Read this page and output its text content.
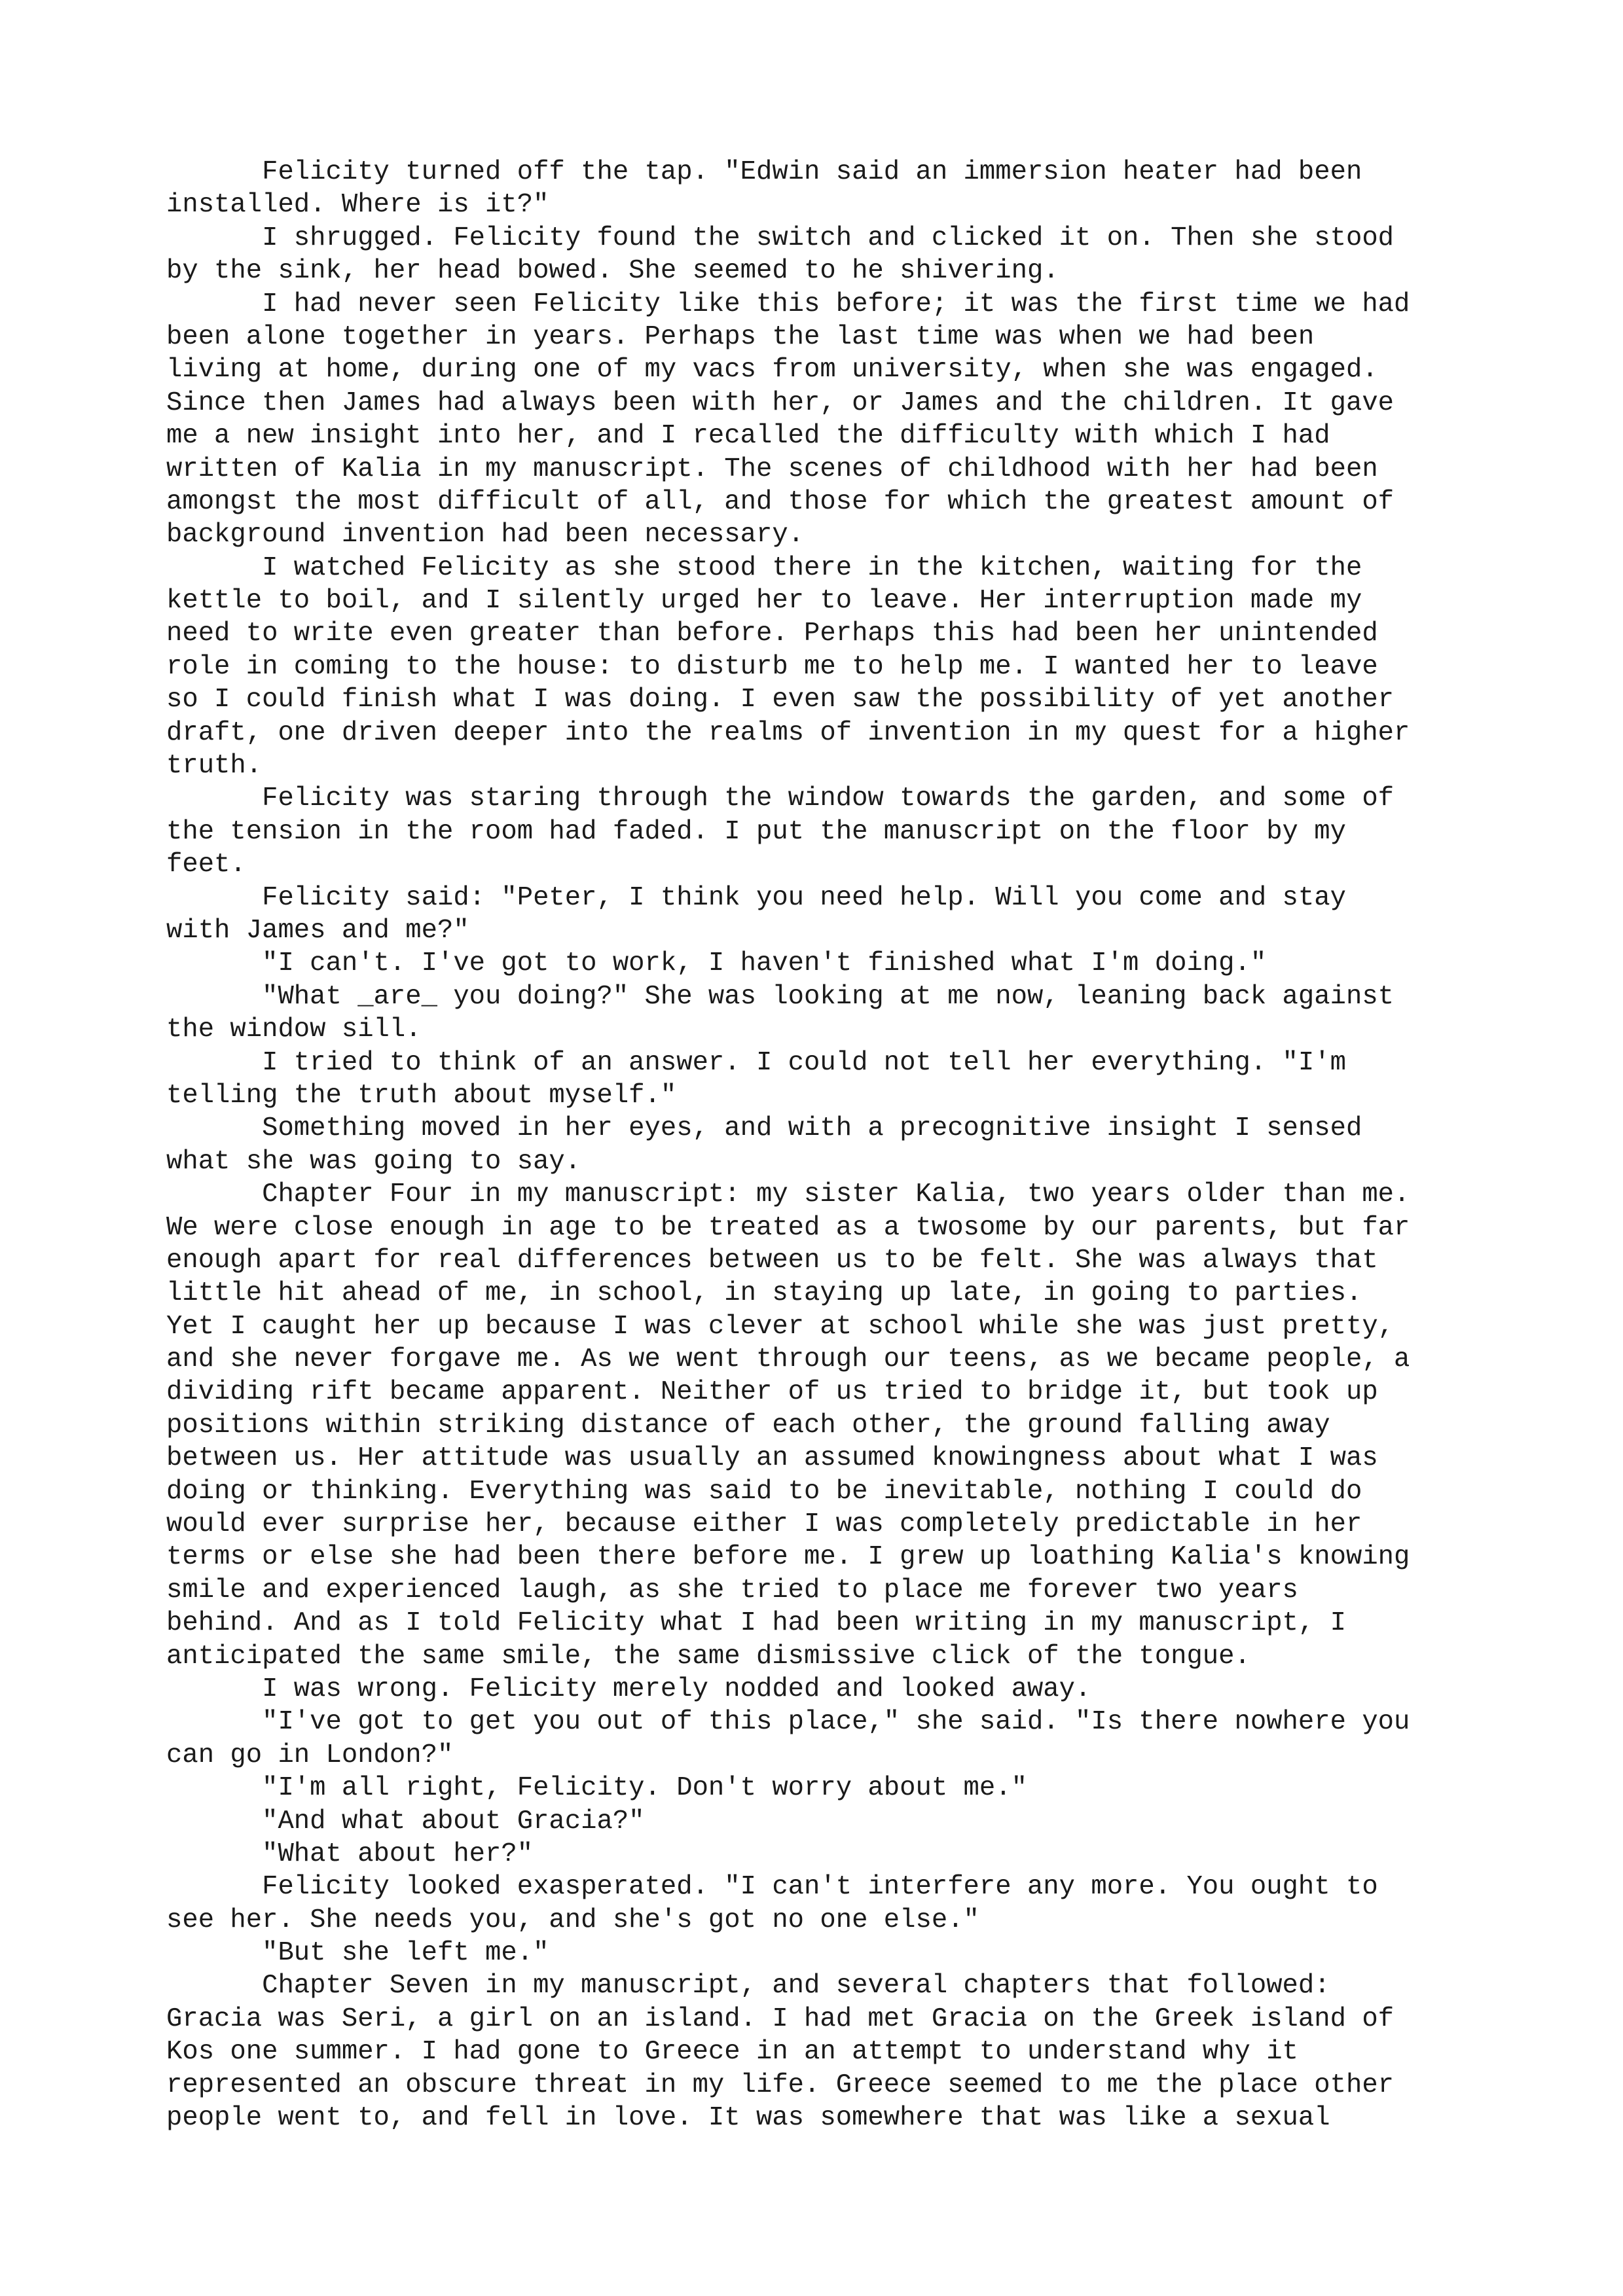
Felicity turned off the tap. "Edwin said an immersion heater had been
installed. Where is it?"
I shrugged. Felicity found the switch and clicked it on. Then she stood
by the sink, her head bowed. She seemed to he shivering.
I had never seen Felicity like this before; it was the first time we had
been alone together in years. Perhaps the last time was when we had been
living at home, during one of my vacs from university, when she was engaged.
Since then James had always been with her, or James and the children. It gave
me a new insight into her, and I recalled the difficulty with which I had
written of Kalia in my manuscript. The scenes of childhood with her had been
amongst the most difficult of all, and those for which the greatest amount of
background invention had been necessary.
I watched Felicity as she stood there in the kitchen, waiting for the
kettle to boil, and I silently urged her to leave. Her interruption made my
need to write even greater than before. Perhaps this had been her unintended
role in coming to the house: to disturb me to help me. I wanted her to leave
so I could finish what I was doing. I even saw the possibility of yet another
draft, one driven deeper into the realms of invention in my quest for a higher
truth.
Felicity was staring through the window towards the garden, and some of
the tension in the room had faded. I put the manuscript on the floor by my
feet.
Felicity said: "Peter, I think you need help. Will you come and stay
with James and me?"
"I can't. I've got to work, I haven't finished what I'm doing."
"What _are_ you doing?" She was looking at me now, leaning back against
the window sill.
I tried to think of an answer. I could not tell her everything. "I'm
telling the truth about myself."
Something moved in her eyes, and with a precognitive insight I sensed
what she was going to say.
Chapter Four in my manuscript: my sister Kalia, two years older than me.
We were close enough in age to be treated as a twosome by our parents, but far
enough apart for real differences between us to be felt. She was always that
little hit ahead of me, in school, in staying up late, in going to parties.
Yet I caught her up because I was clever at school while she was just pretty,
and she never forgave me. As we went through our teens, as we became people, a
dividing rift became apparent. Neither of us tried to bridge it, but took up
positions within striking distance of each other, the ground falling away
between us. Her attitude was usually an assumed knowingness about what I was
doing or thinking. Everything was said to be inevitable, nothing I could do
would ever surprise her, because either I was completely predictable in her
terms or else she had been there before me. I grew up loathing Kalia's knowing
smile and experienced laugh, as she tried to place me forever two years
behind. And as I told Felicity what I had been writing in my manuscript, I
anticipated the same smile, the same dismissive click of the tongue.
I was wrong. Felicity merely nodded and looked away.
"I've got to get you out of this place," she said. "Is there nowhere you
can go in London?"
"I'm all right, Felicity. Don't worry about me."
"And what about Gracia?"
"What about her?"
Felicity looked exasperated. "I can't interfere any more. You ought to
see her. She needs you, and she's got no one else."
"But she left me."
Chapter Seven in my manuscript, and several chapters that followed:
Gracia was Seri, a girl on an island. I had met Gracia on the Greek island of
Kos one summer. I had gone to Greece in an attempt to understand why it
represented an obscure threat in my life. Greece seemed to me the place other
people went to, and fell in love. It was somewhere that was like a sexual
